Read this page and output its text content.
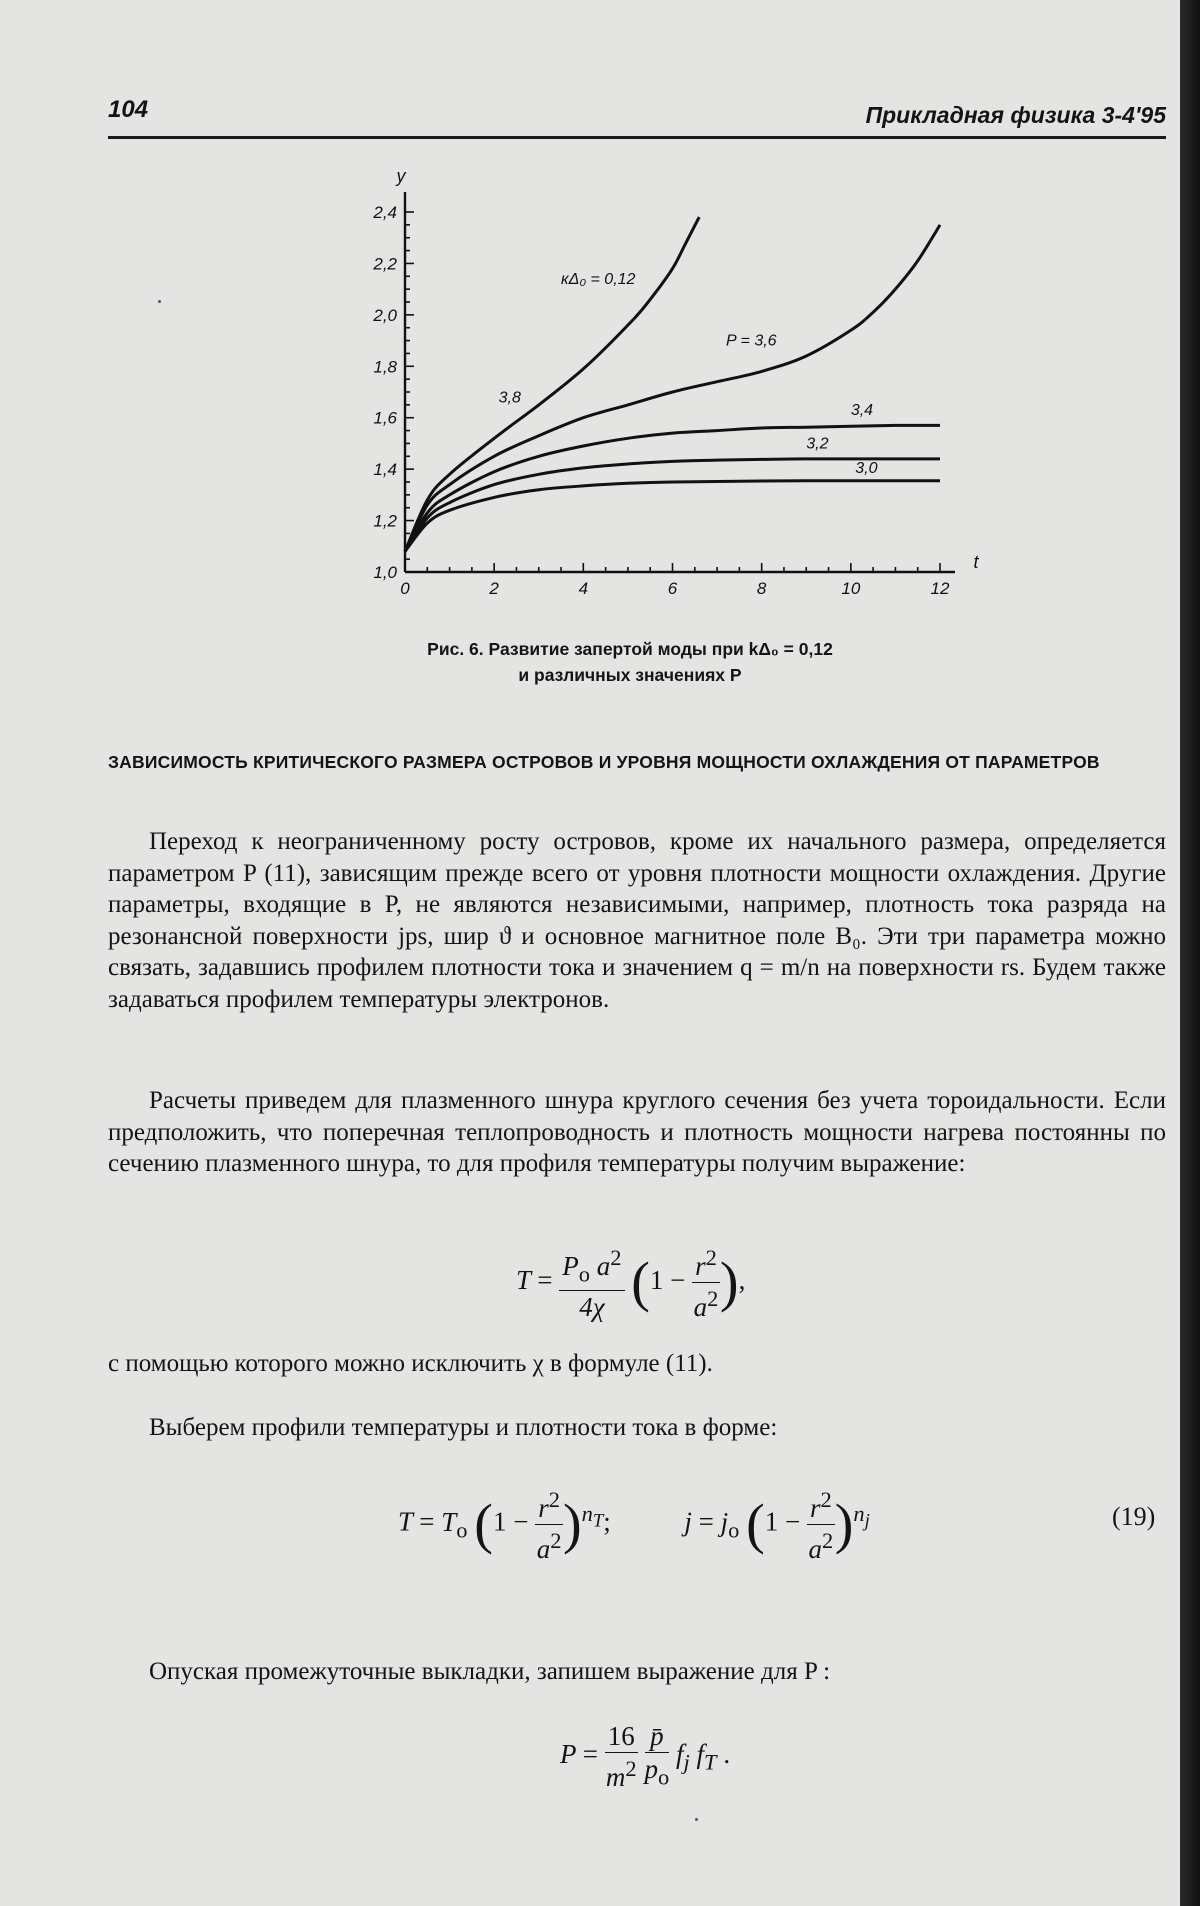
104	Прикладная физика 3-4'95
0	2	4	6	8	10	12
1,0
1,2
1,4
1,6
1,8
2,0
2,2
2,4
t
y
3,8
P = 3,6
3,4
3,2
3,0
кΔ₀ = 0,12
Рис. 6. Развитие запертой моды при kΔ₀ = 0,12
и различных значениях P
ЗАВИСИМОСТЬ КРИТИЧЕСКОГО РАЗМЕРА ОСТРОВОВ И УРОВНЯ МОЩНОСТИ ОХЛАЖДЕНИЯ ОТ ПАРАМЕТРОВ
Переход к неограниченному росту островов, кроме их начального размера, определяется параметром P (11), зависящим прежде всего от уровня плотности мощности охлаждения. Другие параметры, входящие в P, не являются независимыми, например, плотность тока разряда на резонансной поверхности jps, шир ϑ и основное магнитное поле B₀. Эти три параметра можно связать, задавшись профилем плотности тока и значением q = m/n на поверхности rs. Будем также задаваться профилем температуры электронов.
Расчеты приведем для плазменного шнура круглого сечения без учета тороидальности. Если предположить, что поперечная теплопроводность и плотность мощности нагрева постоянны по сечению плазменного шнура, то для профиля температуры получим выражение:
$T = \frac{P_o a^2}{4\chi} (1 - \frac{r^2}{a^2}$ ),
с помощью которого можно исключить χ в формуле (11).
Выберем профили температуры и плотности тока в форме:
$T = T_o$ $(1 - \frac{r^2}{a^2} )^{n_T}$;	$j = j_o$ $(1 - \frac{r^2}{a^2} )^{n_j}$	(19)
Опуская промежуточные выкладки, запишем выражение для P :
$P = \frac{16}{m^2}$
$\frac{p̄}{p_o} f_j$ $f_T$ .
